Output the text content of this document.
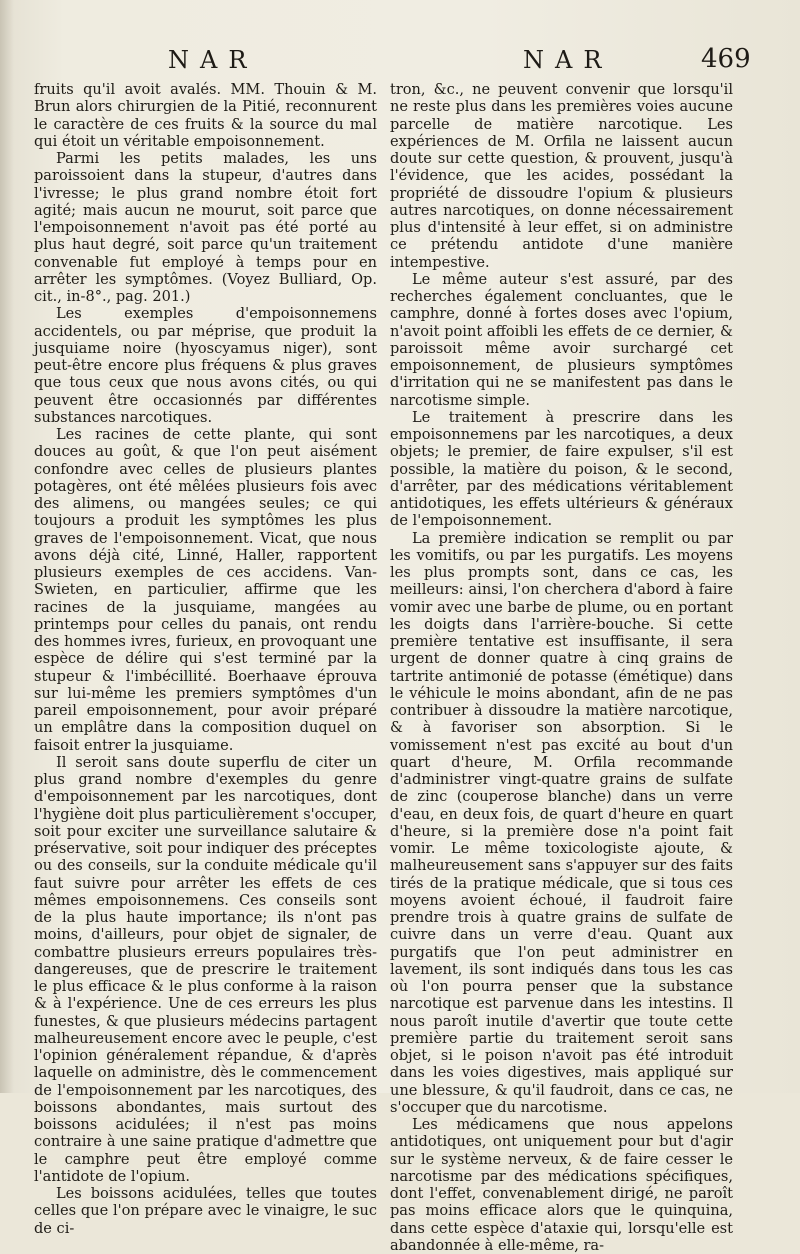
NAR	NAR	469

fruits qu'il avoit avalés. MM. Thouin & M. Brun alors chirurgien de la Pitié, reconnurent le caractère de ces fruits & la source du mal qui étoit un véritable empoisonnement.

Parmi les petits malades, les uns paroissoient dans la stupeur, d'autres dans l'ivresse; le plus grand nombre étoit fort agité; mais aucun ne mourut, soit parce que l'empoisonnement n'avoit pas été porté au plus haut degré, soit parce qu'un traitement convenable fut employé à temps pour en arrêter les symptômes. (Voyez Bulliard, Op. cit., in-8°., pag. 201.)

Les exemples d'empoisonnemens accidentels, ou par méprise, que produit la jusquiame noire (hyoscyamus niger), sont peut-être encore plus fréquens & plus graves que tous ceux que nous avons cités, ou qui peuvent être occasionnés par différentes substances narcotiques.

Les racines de cette plante, qui sont douces au goût, & que l'on peut aisément confondre avec celles de plusieurs plantes potagères, ont été mêlées plusieurs fois avec des alimens, ou mangées seules; ce qui toujours a produit les symptômes les plus graves de l'empoisonnement. Vicat, que nous avons déjà cité, Linné, Haller, rapportent plusieurs exemples de ces accidens. Van-Swieten, en particulier, affirme que les racines de la jusquiame, mangées au printemps pour celles du panais, ont rendu des hommes ivres, furieux, en provoquant une espèce de délire qui s'est terminé par la stupeur & l'imbécillité. Boerhaave éprouva sur lui-même les premiers symptômes d'un pareil empoisonnement, pour avoir préparé un emplâtre dans la composition duquel on faisoit entrer la jusquiame.

Il seroit sans doute superflu de citer un plus grand nombre d'exemples du genre d'empoisonnement par les narcotiques, dont l'hygiène doit plus particulièrement s'occuper, soit pour exciter une surveillance salutaire & préservative, soit pour indiquer des préceptes ou des conseils, sur la conduite médicale qu'il faut suivre pour arrêter les effets de ces mêmes empoisonnemens. Ces conseils sont de la plus haute importance; ils n'ont pas moins, d'ailleurs, pour objet de signaler, de combattre plusieurs erreurs populaires très-dangereuses, que de prescrire le traitement le plus efficace & le plus conforme à la raison & à l'expérience. Une de ces erreurs les plus funestes, & que plusieurs médecins partagent malheureusement encore avec le peuple, c'est l'opinion généralement répandue, & d'après laquelle on administre, dès le commencement de l'empoisonnement par les narcotiques, des boissons abondantes, mais surtout des boissons acidulées; il n'est pas moins contraire à une saine pratique d'admettre que le camphre peut être employé comme l'antidote de l'opium.

Les boissons acidulées, telles que toutes celles que l'on prépare avec le vinaigre, le suc de ci-

tron, &c., ne peuvent convenir que lorsqu'il ne reste plus dans les premières voies aucune parcelle de matière narcotique. Les expériences de M. Orfila ne laissent aucun doute sur cette question, & prouvent, jusqu'à l'évidence, que les acides, possédant la propriété de dissoudre l'opium & plusieurs autres narcotiques, on donne nécessairement plus d'intensité à leur effet, si on administre ce prétendu antidote d'une manière intempestive.

Le même auteur s'est assuré, par des recherches également concluantes, que le camphre, donné à fortes doses avec l'opium, n'avoit point affoibli les effets de ce dernier, & paroissoit même avoir surchargé cet empoisonnement, de plusieurs symptômes d'irritation qui ne se manifestent pas dans le narcotisme simple.

Le traitement à prescrire dans les empoisonnemens par les narcotiques, a deux objets; le premier, de faire expulser, s'il est possible, la matière du poison, & le second, d'arrêter, par des médications véritablement antidotiques, les effets ultérieurs & généraux de l'empoisonnement.

La première indication se remplit ou par les vomitifs, ou par les purgatifs. Les moyens les plus prompts sont, dans ce cas, les meilleurs: ainsi, l'on cherchera d'abord à faire vomir avec une barbe de plume, ou en portant les doigts dans l'arrière-bouche. Si cette première tentative est insuffisante, il sera urgent de donner quatre à cinq grains de tartrite antimonié de potasse (émétique) dans le véhicule le moins abondant, afin de ne pas contribuer à dissoudre la matière narcotique, & à favoriser son absorption. Si le vomissement n'est pas excité au bout d'un quart d'heure, M. Orfila recommande d'administrer vingt-quatre grains de sulfate de zinc (couperose blanche) dans un verre d'eau, en deux fois, de quart d'heure en quart d'heure, si la première dose n'a point fait vomir. Le même toxicologiste ajoute, & malheureusement sans s'appuyer sur des faits tirés de la pratique médicale, que si tous ces moyens avoient échoué, il faudroit faire prendre trois à quatre grains de sulfate de cuivre dans un verre d'eau. Quant aux purgatifs que l'on peut administrer en lavement, ils sont indiqués dans tous les cas où l'on pourra penser que la substance narcotique est parvenue dans les intestins. Il nous paroît inutile d'avertir que toute cette première partie du traitement seroit sans objet, si le poison n'avoit pas été introduit dans les voies digestives, mais appliqué sur une blessure, & qu'il faudroit, dans ce cas, ne s'occuper que du narcotisme.

Les médicamens que nous appelons antidotiques, ont uniquement pour but d'agir sur le système nerveux, & de faire cesser le narcotisme par des médications spécifiques, dont l'effet, convenablement dirigé, ne paroît pas moins efficace alors que le quinquina, dans cette espèce d'ataxie qui, lorsqu'elle est abandonnée à elle-même, ra-
